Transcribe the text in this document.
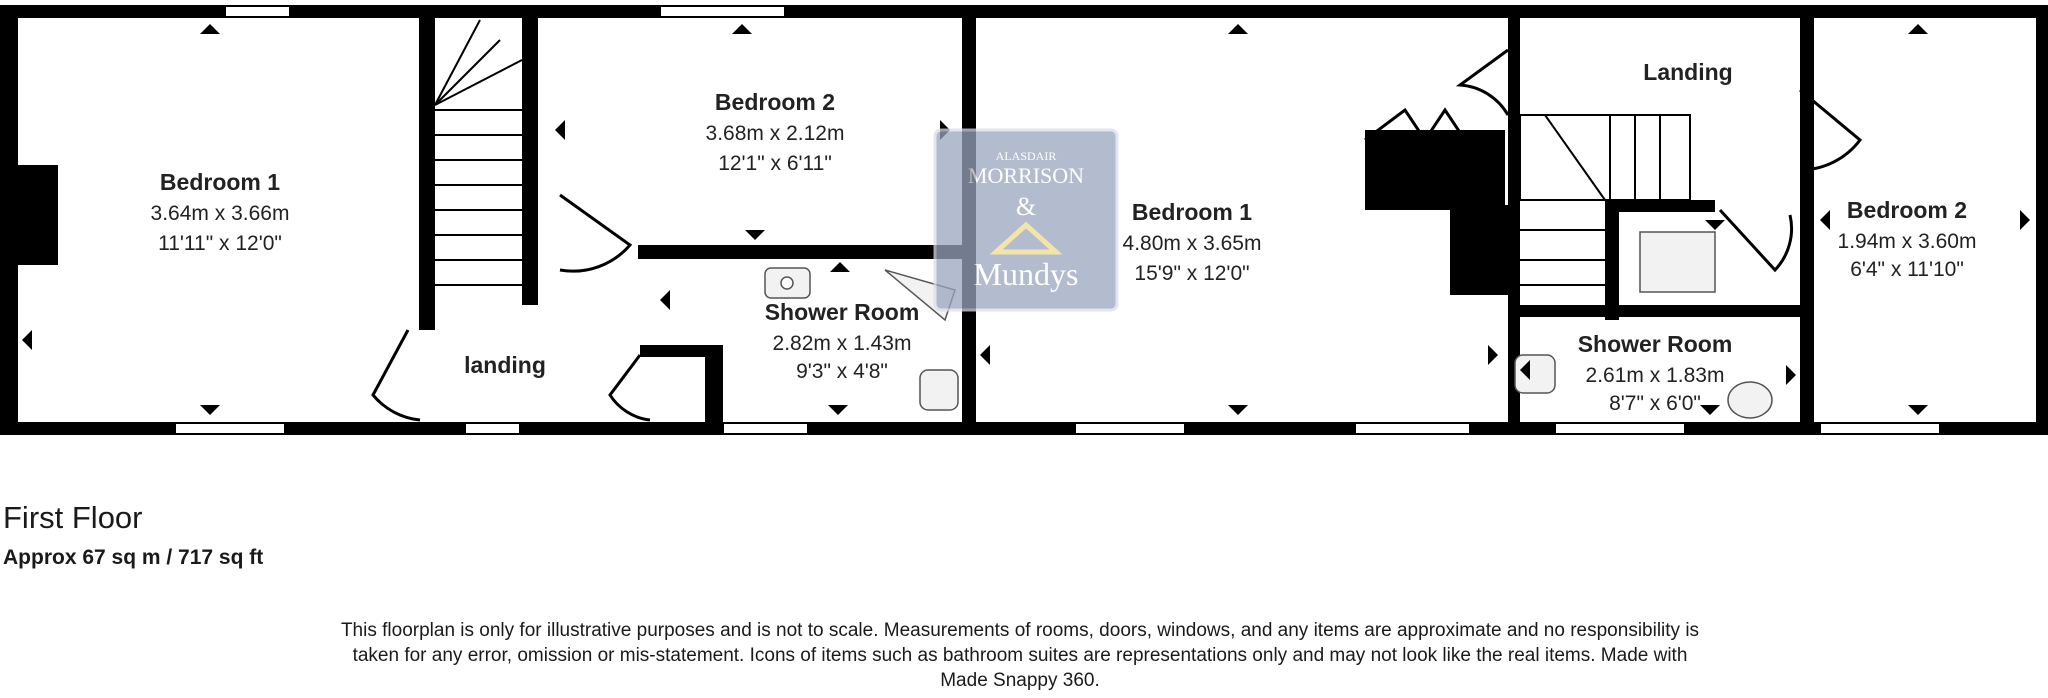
Bedroom 1
3.64m x 3.66m
11'11" x 12'0"
Bedroom 2
3.68m x 2.12m
12'1" x 6'11"
landing
Shower Room
2.82m x 1.43m
9'3" x 4'8"
Bedroom 1
4.80m x 3.65m
15'9" x 12'0"
Landing
Bedroom 2
1.94m x 3.60m
6'4" x 11'10"
Shower Room
2.61m x 1.83m
8'7" x 6'0"
ALASDAIR
MORRISON
&
Mundys
First Floor
Approx 67 sq m / 717 sq ft
This floorplan is only for illustrative purposes and is not to scale. Measurements of rooms, doors, windows, and any items are approximate and no responsibility is taken for any error, omission or mis-statement. Icons of items such as bathroom suites are representations only and may not look like the real items. Made with Made Snappy 360.
